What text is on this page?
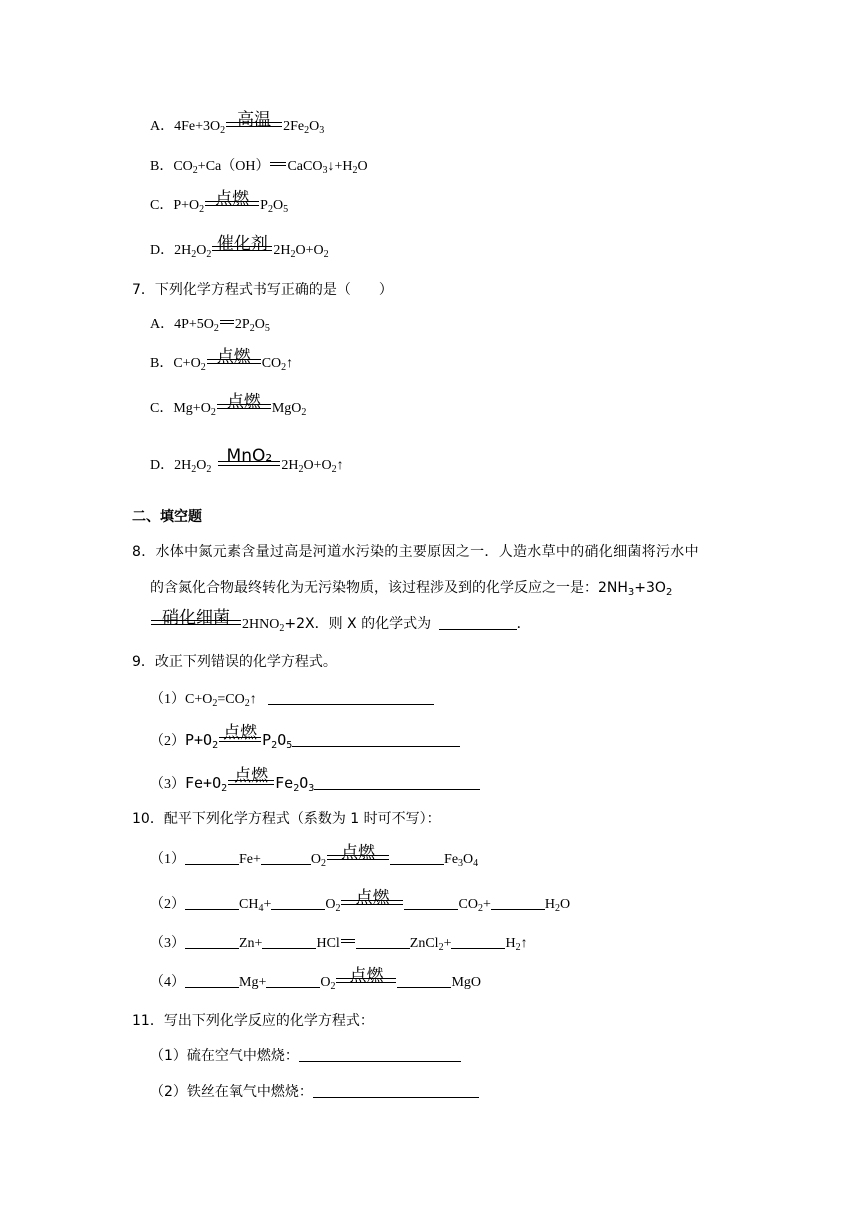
A．$4Fe+3O_2$
高温 $2Fe_2O_3$
B．$CO_2+Ca(OH)$ $CaCO_3↓+H_2O$
C．$P+O_2$
点燃 $P_2O_5$
D．$2H_2O_2$
催化剂 $2H_2O+O_2$
7．下列化学方程式书写正确的是（　　）
A．$4P+5O_2$ $2P_2O_5$
B．$C+O_2$
点燃 $CO_2↑$
C．$Mg+O_2$
点燃 MgO$_2$
D．$2H_2O_2$
MnO₂ $2H_2O+O_2↑$
二、填空题
8．水体中氮元素含量过高是河道水污染的主要原因之一．人造水草中的硝化细菌将污水中
的含氮化合物最终转化为无污染物质，该过程涉及到的化学反应之一是：$2NH_3+3O_2$
硝化细菌 $2HNO_2+2X$．则 X 的化学式为	．
9．改正下列错误的化学方程式。
$(1)C+O_2=CO_2↑$
$(2)P+O_2$
点燃 $P_2O_5$
$(3)Fe+O_2$
点燃 $Fe_2O_3$
10．配平下列化学方程式（系数为 1 时可不写）：
（1）	Fe+	$O_2$
点燃	$Fe_3O_4$
（2）	$CH_4+$	$O_2$
点燃	$CO_2+$	$H_2O$
（3）	Zn+	HCl	ZnCl$_2$+	$H_2↑$
（4）	Mg+	$O_2$
点燃	MgO
11．写出下列化学反应的化学方程式：
（1）硫在空气中燃烧：
（2）铁丝在氧气中燃烧：
